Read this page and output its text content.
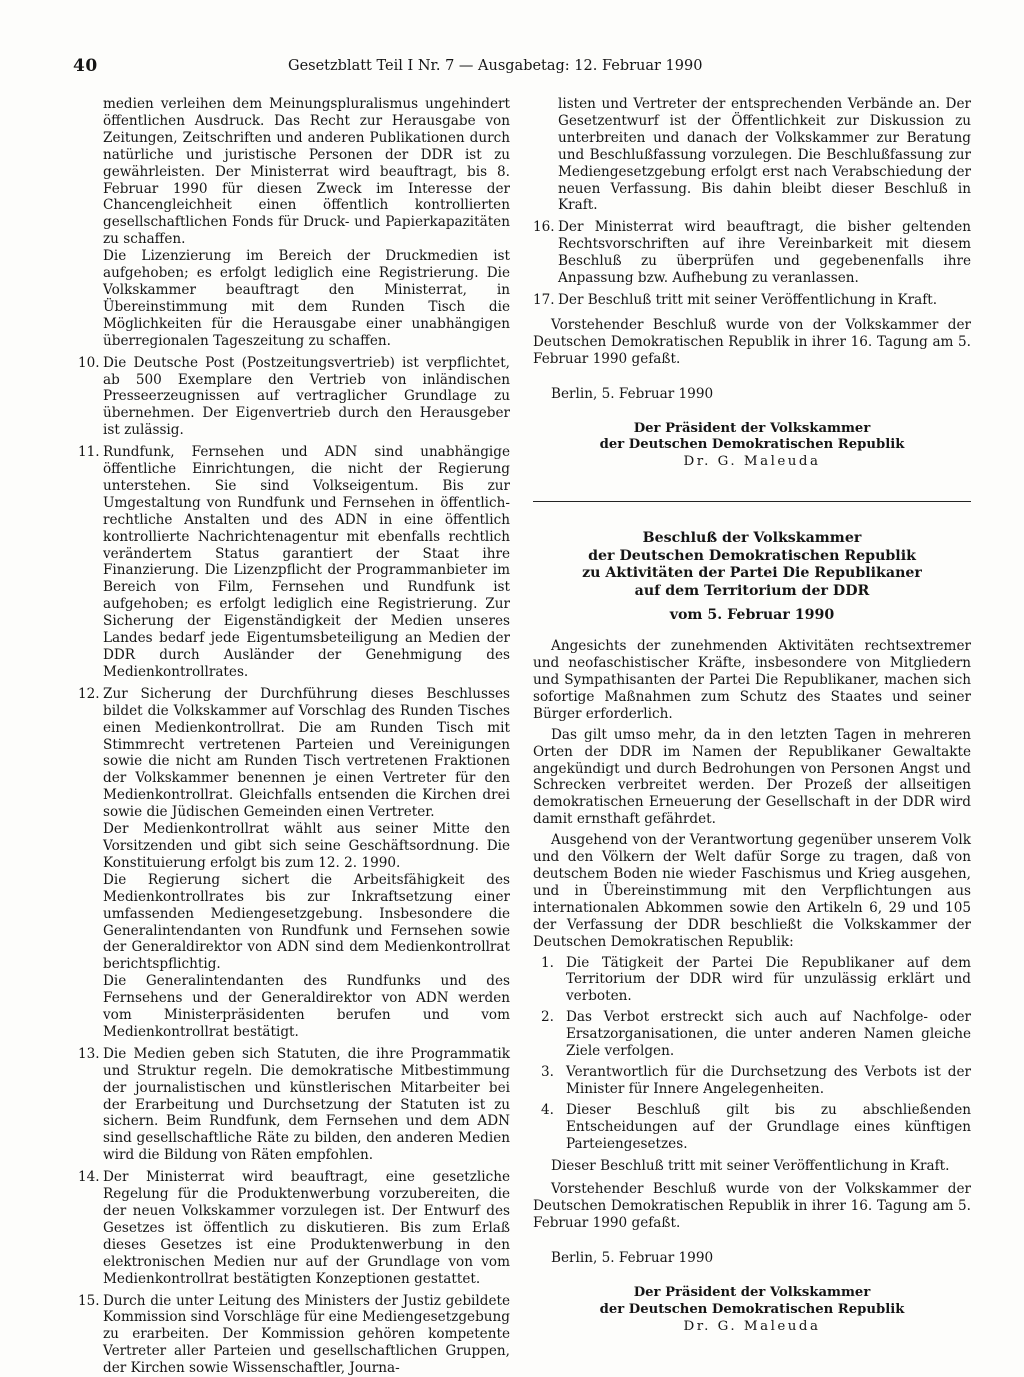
40	Gesetzblatt Teil I Nr. 7 — Ausgabetag: 12. Februar 1990

medien verleihen dem Meinungspluralismus ungehindert öffentlichen Ausdruck. Das Recht zur Herausgabe von Zeitungen, Zeitschriften und anderen Publikationen durch natürliche und juristische Personen der DDR ist zu gewährleisten. Der Ministerrat wird beauftragt, bis 8. Februar 1990 für diesen Zweck im Interesse der Chancengleichheit einen öffentlich kontrollierten gesellschaftlichen Fonds für Druck- und Papierkapazitäten zu schaffen.

Die Lizenzierung im Bereich der Druckmedien ist aufgehoben; es erfolgt lediglich eine Registrierung. Die Volkskammer beauftragt den Ministerrat, in Übereinstimmung mit dem Runden Tisch die Möglichkeiten für die Herausgabe einer unabhängigen überregionalen Tageszeitung zu schaffen.

10. Die Deutsche Post (Postzeitungsvertrieb) ist verpflichtet, ab 500 Exemplare den Vertrieb von inländischen Presseerzeugnissen auf vertraglicher Grundlage zu übernehmen. Der Eigenvertrieb durch den Herausgeber ist zulässig.

11. Rundfunk, Fernsehen und ADN sind unabhängige öffentliche Einrichtungen, die nicht der Regierung unterstehen. Sie sind Volkseigentum. Bis zur Umgestaltung von Rundfunk und Fernsehen in öffentlich-rechtliche Anstalten und des ADN in eine öffentlich kontrollierte Nachrichtenagentur mit ebenfalls rechtlich verändertem Status garantiert der Staat ihre Finanzierung. Die Lizenzpflicht der Programmanbieter im Bereich von Film, Fernsehen und Rundfunk ist aufgehoben; es erfolgt lediglich eine Registrierung. Zur Sicherung der Eigenständigkeit der Medien unseres Landes bedarf jede Eigentumsbeteiligung an Medien der DDR durch Ausländer der Genehmigung des Medienkontrollrates.

12. Zur Sicherung der Durchführung dieses Beschlusses bildet die Volkskammer auf Vorschlag des Runden Tisches einen Medienkontrollrat. Die am Runden Tisch mit Stimmrecht vertretenen Parteien und Vereinigungen sowie die nicht am Runden Tisch vertretenen Fraktionen der Volkskammer benennen je einen Vertreter für den Medienkontrollrat. Gleichfalls entsenden die Kirchen drei sowie die Jüdischen Gemeinden einen Vertreter.

Der Medienkontrollrat wählt aus seiner Mitte den Vorsitzenden und gibt sich seine Geschäftsordnung. Die Konstituierung erfolgt bis zum 12. 2. 1990.

Die Regierung sichert die Arbeitsfähigkeit des Medienkontrollrates bis zur Inkraftsetzung einer umfassenden Mediengesetzgebung. Insbesondere die Generalintendanten von Rundfunk und Fernsehen sowie der Generaldirektor von ADN sind dem Medienkontrollrat berichtspflichtig.

Die Generalintendanten des Rundfunks und des Fernsehens und der Generaldirektor von ADN werden vom Ministerpräsidenten berufen und vom Medienkontrollrat bestätigt.

13. Die Medien geben sich Statuten, die ihre Programmatik und Struktur regeln. Die demokratische Mitbestimmung der journalistischen und künstlerischen Mitarbeiter bei der Erarbeitung und Durchsetzung der Statuten ist zu sichern. Beim Rundfunk, dem Fernsehen und dem ADN sind gesellschaftliche Räte zu bilden, den anderen Medien wird die Bildung von Räten empfohlen.

14. Der Ministerrat wird beauftragt, eine gesetzliche Regelung für die Produktenwerbung vorzubereiten, die der neuen Volkskammer vorzulegen ist. Der Entwurf des Gesetzes ist öffentlich zu diskutieren. Bis zum Erlaß dieses Gesetzes ist eine Produktenwerbung in den elektronischen Medien nur auf der Grundlage von vom Medienkontrollrat bestätigten Konzeptionen gestattet.

15. Durch die unter Leitung des Ministers der Justiz gebildete Kommission sind Vorschläge für eine Mediengesetzgebung zu erarbeiten. Der Kommission gehören kompetente Vertreter aller Parteien und gesellschaftlichen Gruppen, der Kirchen sowie Wissenschaftler, Journa-

listen und Vertreter der entsprechenden Verbände an. Der Gesetzentwurf ist der Öffentlichkeit zur Diskussion zu unterbreiten und danach der Volkskammer zur Beratung und Beschlußfassung vorzulegen. Die Beschlußfassung zur Mediengesetzgebung erfolgt erst nach Verabschiedung der neuen Verfassung. Bis dahin bleibt dieser Beschluß in Kraft.

16. Der Ministerrat wird beauftragt, die bisher geltenden Rechtsvorschriften auf ihre Vereinbarkeit mit diesem Beschluß zu überprüfen und gegebenenfalls ihre Anpassung bzw. Aufhebung zu veranlassen.
17. Der Beschluß tritt mit seiner Veröffentlichung in Kraft.

Vorstehender Beschluß wurde von der Volkskammer der Deutschen Demokratischen Republik in ihrer 16. Tagung am 5. Februar 1990 gefaßt.

Berlin, 5. Februar 1990
Der Präsident der Volkskammer
der Deutschen Demokratischen Republik
Dr. G. Maleuda
Beschluß der Volkskammer
der Deutschen Demokratischen Republik
zu Aktivitäten der Partei Die Republikaner
auf dem Territorium der DDR
vom 5. Februar 1990

Angesichts der zunehmenden Aktivitäten rechtsextremer und neofaschistischer Kräfte, insbesondere von Mitgliedern und Sympathisanten der Partei Die Republikaner, machen sich sofortige Maßnahmen zum Schutz des Staates und seiner Bürger erforderlich.

Das gilt umso mehr, da in den letzten Tagen in mehreren Orten der DDR im Namen der Republikaner Gewaltakte angekündigt und durch Bedrohungen von Personen Angst und Schrecken verbreitet werden. Der Prozeß der allseitigen demokratischen Erneuerung der Gesellschaft in der DDR wird damit ernsthaft gefährdet.

Ausgehend von der Verantwortung gegenüber unserem Volk und den Völkern der Welt dafür Sorge zu tragen, daß von deutschem Boden nie wieder Faschismus und Krieg ausgehen, und in Übereinstimmung mit den Verpflichtungen aus internationalen Abkommen sowie den Artikeln 6, 29 und 105 der Verfassung der DDR beschließt die Volkskammer der Deutschen Demokratischen Republik:

1. Die Tätigkeit der Partei Die Republikaner auf dem Territorium der DDR wird für unzulässig erklärt und verboten.
2. Das Verbot erstreckt sich auch auf Nachfolge- oder Ersatzorganisationen, die unter anderen Namen gleiche Ziele verfolgen.
3. Verantwortlich für die Durchsetzung des Verbots ist der Minister für Innere Angelegenheiten.
4. Dieser Beschluß gilt bis zu abschließenden Entscheidungen auf der Grundlage eines künftigen Parteiengesetzes.

Dieser Beschluß tritt mit seiner Veröffentlichung in Kraft.

Vorstehender Beschluß wurde von der Volkskammer der Deutschen Demokratischen Republik in ihrer 16. Tagung am 5. Februar 1990 gefaßt.

Berlin, 5. Februar 1990
Der Präsident der Volkskammer
der Deutschen Demokratischen Republik
Dr. G. Maleuda
